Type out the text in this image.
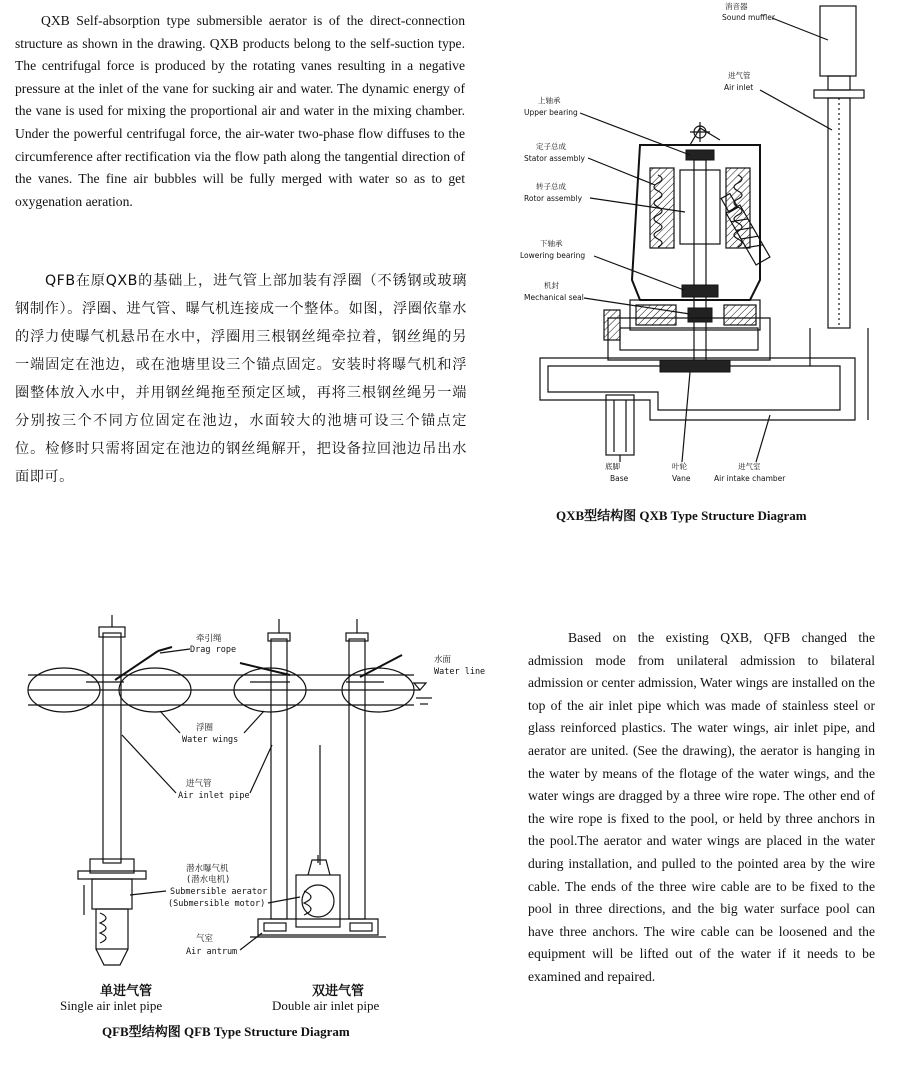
QXB Self-absorption type submersible aerator is of the direct-connection structure as shown in the drawing. QXB products belong to the self-suction type. The centrifugal force is produced by the rotating vanes resulting in a negative pressure at the inlet of the vane for sucking air and water. The dynamic energy of the vane is used for mixing the proportional air and water in the mixing chamber. Under the powerful centrifugal force, the air-water two-phase flow diffuses to the circumference after rectification via the flow path along the tangential direction of the vanes. The fine air bubbles will be fully merged with water so as to get oxygenation aeration.
QFB在原QXB的基础上，进气管上部加装有浮圈（不锈钢或玻璃钢制作）。浮圈、进气管、曝气机连接成一个整体。如图，浮圈依靠水的浮力使曝气机悬吊在水中，浮圈用三根钢丝绳牵拉着，钢丝绳的另一端固定在池边，或在池塘里设三个锚点固定。安装时将曝气机和浮圈整体放入水中，并用钢丝绳拖至预定区域，再将三根钢丝绳另一端分别按三个不同方位固定在池边，水面较大的池塘可设三个锚点定位。检修时只需将固定在池边的钢丝绳解开，把设备拉回池边吊出水面即可。
消音器
Sound muffler
进气管
Air inlet
上轴承
Upper bearing
定子总成
Stator assembly
转子总成
Rotor assembly
下轴承
Lowering bearing
机封
Mechanical seal
底脚
Base
叶轮
Vane
进气室
Air intake chamber
QXB型结构图 QXB Type Structure Diagram
牵引绳
Drag rope
水面
Water line
浮圈
Water wings
进气管
Air inlet pipe
潜水曝气机
(潜水电机)
Submersible aerator
(Submersible motor)
气室
Air antrum
单进气管
Single air inlet pipe
双进气管
Double air inlet pipe
QFB型结构图 QFB Type Structure Diagram
Based on the existing QXB, QFB changed the admission mode from unilateral admission to bilateral admission or center admission, Water wings are installed on the top of the air inlet pipe which was made of stainless steel or glass reinforced plastics. The water wings, air inlet pipe, and aerator are united. (See the drawing), the aerator is hanging in the water by means of the flotage of the water wings, and the water wings are dragged by a three wire rope. The other end of the wire rope is fixed to the pool, or held by three anchors in the pool.The aerator and water wings are placed in the water during installation, and pulled to the pointed area by the wire cable. The ends of the three wire cable are to be fixed to the pool in three directions, and the big water surface pool can have three anchors. The wire cable can be loosened and the equipment will be lifted out of the water if it needs to be examined and repaired.
